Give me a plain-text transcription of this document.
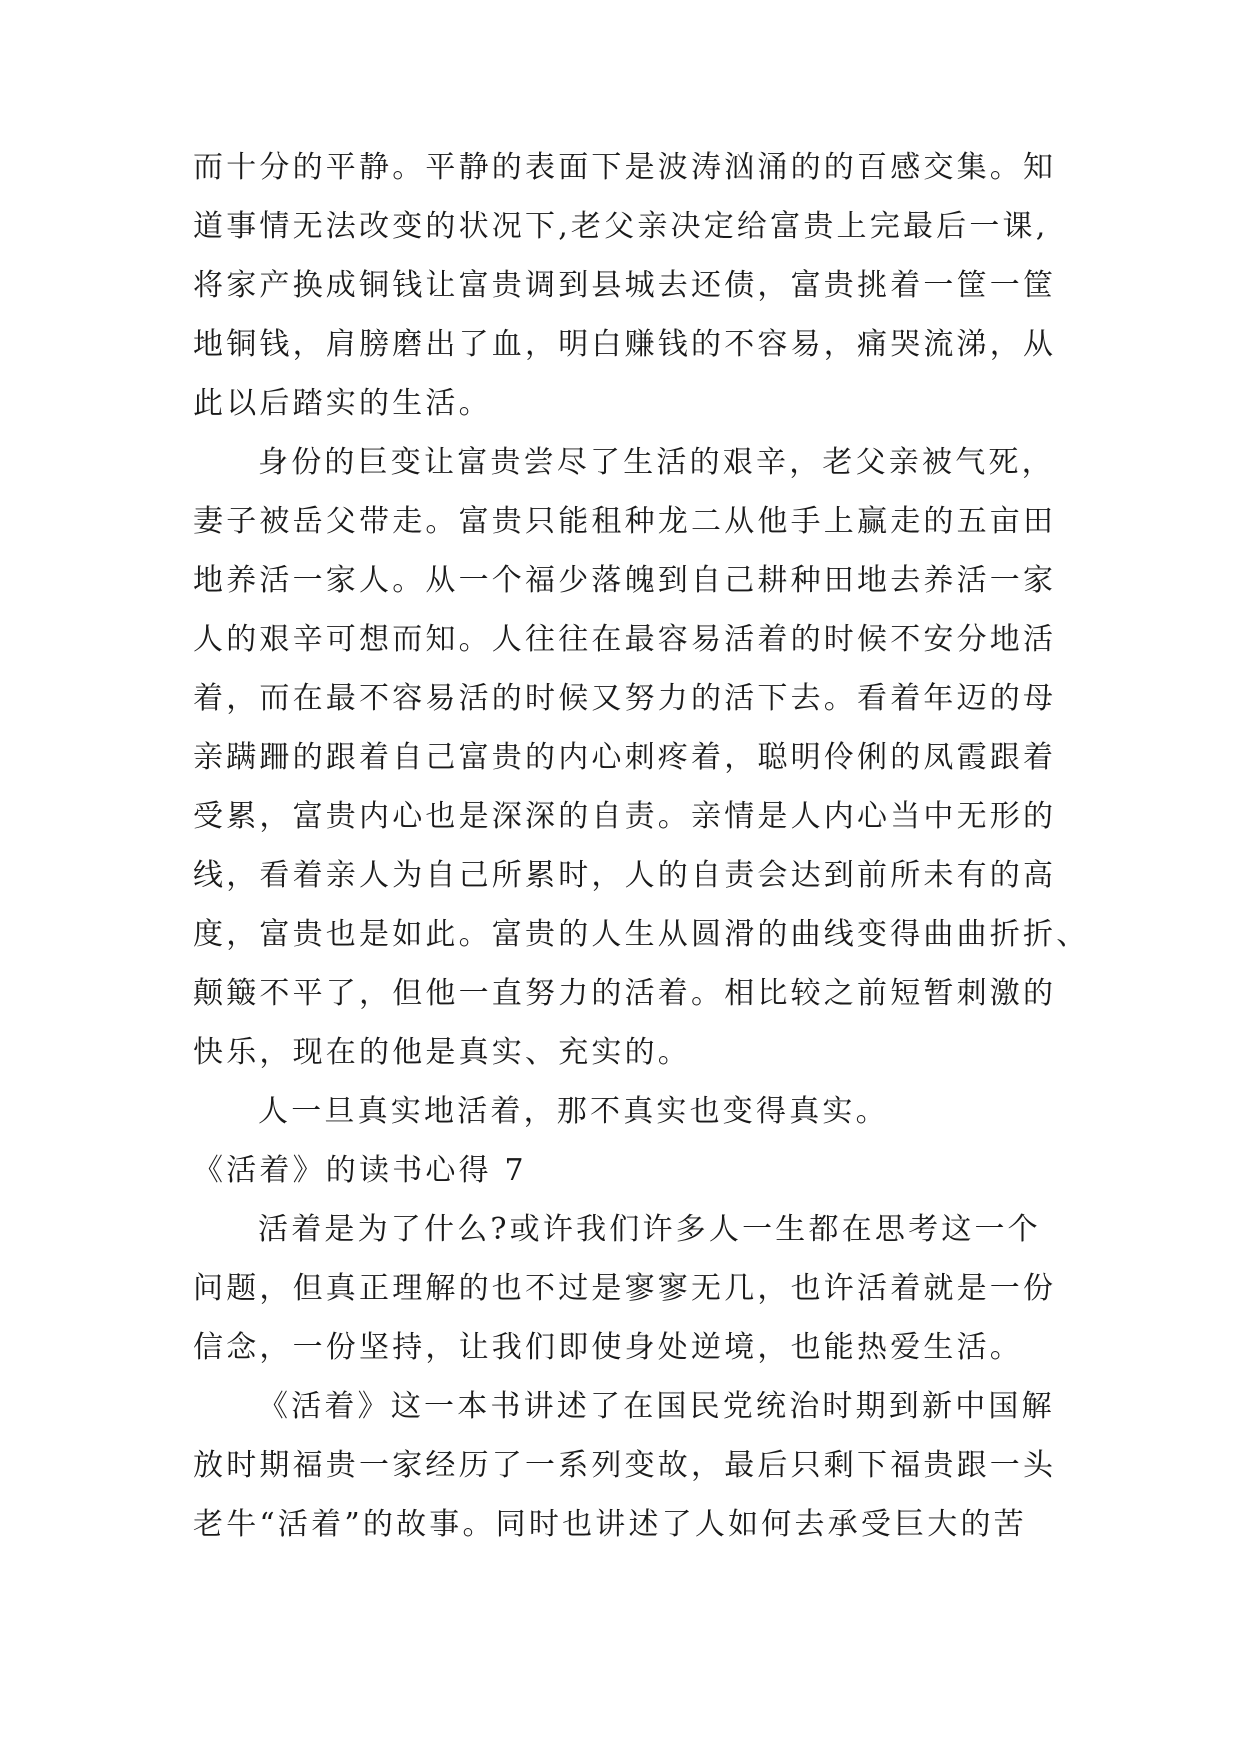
而十分的平静。平静的表面下是波涛汹涌的的百感交集。知

道事情无法改变的状况下,老父亲决定给富贵上完最后一课,

将家产换成铜钱让富贵调到县城去还债，富贵挑着一筐一筐

地铜钱，肩膀磨出了血，明白赚钱的不容易，痛哭流涕，从

此以后踏实的生活。

身份的巨变让富贵尝尽了生活的艰辛，老父亲被气死，

妻子被岳父带走。富贵只能租种龙二从他手上赢走的五亩田

地养活一家人。从一个福少落魄到自己耕种田地去养活一家

人的艰辛可想而知。人往往在最容易活着的时候不安分地活

着，而在最不容易活的时候又努力的活下去。看着年迈的母

亲蹒跚的跟着自己富贵的内心刺疼着，聪明伶俐的凤霞跟着

受累，富贵内心也是深深的自责。亲情是人内心当中无形的

线，看着亲人为自己所累时，人的自责会达到前所未有的高

度，富贵也是如此。富贵的人生从圆滑的曲线变得曲曲折折、

颠簸不平了，但他一直努力的活着。相比较之前短暂刺激的

快乐，现在的他是真实、充实的。

人一旦真实地活着，那不真实也变得真实。

《活着》的读书心得 7

活着是为了什么?或许我们许多人一生都在思考这一个

问题，但真正理解的也不过是寥寥无几，也许活着就是一份

信念，一份坚持，让我们即使身处逆境，也能热爱生活。

《活着》这一本书讲述了在国民党统治时期到新中国解

放时期福贵一家经历了一系列变故，最后只剩下福贵跟一头

老牛“活着”的故事。同时也讲述了人如何去承受巨大的苦
